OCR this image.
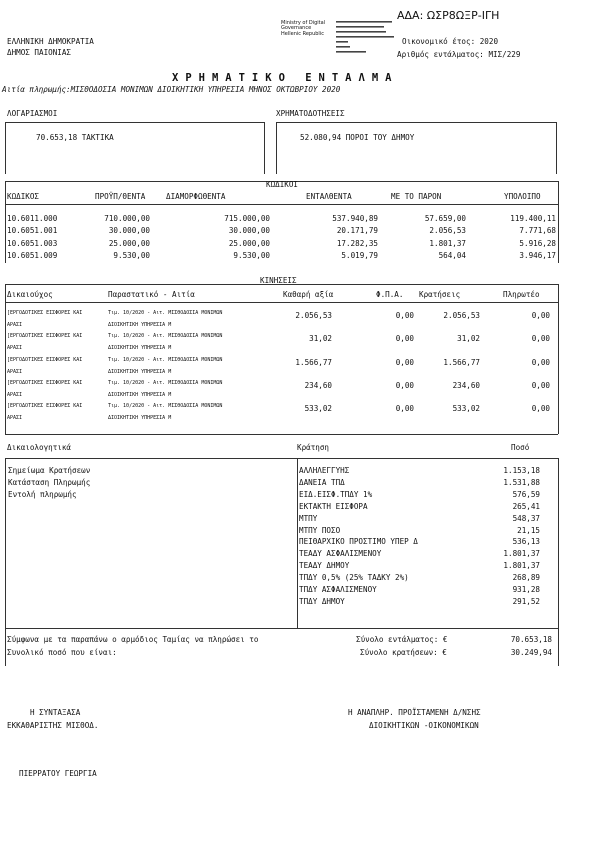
ΑΔΑ: ΩΣΡ8ΩΞΡ-ΙΓΗ
ΕΛΛΗΝΙΚΗ ΔΗΜΟΚΡΑΤΙΑ
ΔΗΜΟΣ ΠΑΙΟΝΙΑΣ
Ministry of Digital
Governance
Hellenic Republic
Οικονομικό έτος: 2020
Αριθμός εντάλματος: ΜΙΣ/229
ΧΡΗΜΑΤΙΚΟ ΕΝΤΑΛΜΑ
Αιτία πληρωμής:ΜΙΣΘΟΔΟΣΙΑ ΜΟΝΙΜΩΝ ΔΙΟΙΚΗΤΙΚΗ ΥΠΗΡΕΣΙΑ ΜΗΝΟΣ ΟΚΤΩΒΡΙΟΥ 2020
ΛΟΓΑΡΙΑΣΜΟΙ	ΧΡΗΜΑΤΟΔΟΤΗΣΕΙΣ
70.653,18 ΤΑΚΤΙΚΑ	52.080,94 ΠΟΡΟΙ ΤΟΥ ΔΗΜΟΥ
ΚΩΔΙΚΟΙ
ΚΩΔΙΚΟΣ	ΠΡΟΫΠ/ΘΕΝΤΑ	ΔΙΑΜΟΡΦΩΘΕΝΤΑ	ΕΝΤΑΛΘΕΝΤΑ	ΜΕ ΤΟ ΠΑΡΟΝ	ΥΠΟΛΟΙΠΟ
10.6011.000	710.000,00	715.000,00	537.940,89	57.659,00	119.400,11
10.6051.001	30.000,00	30.000,00	20.171,79	2.056,53	7.771,68
10.6051.003	25.000,00	25.000,00	17.282,35	1.801,37	5.916,28
10.6051.009	9.530,00	9.530,00	5.019,79	564,04	3.946,17
ΚΙΝΗΣΕΙΣ
Δικαιούχος	Παραστατικό - Αιτία	Καθαρή αξία	Φ.Π.Α. Κρατήσεις	Πληρωτέο
[ΕΡΓΟΔΟΤΙΚΕΣ ΕΙΣΦΟΡΕΣ ΚΑΙ
ΑΡΑΣΙ
Τιμ. 10/2020 - Αιτ. ΜΙΣΘΟΔΟΣΙΑ ΜΟΝΙΜΩΝ
ΔΙΟΙΚΗΤΙΚΗ ΥΠΗΡΕΣΙΑ Μ
2.056,53	0,00	2.056,53	0,00
[ΕΡΓΟΔΟΤΙΚΕΣ ΕΙΣΦΟΡΕΣ ΚΑΙ
ΑΡΑΣΙ
Τιμ. 10/2020 - Αιτ. ΜΙΣΘΟΔΟΣΙΑ ΜΟΝΙΜΩΝ
ΔΙΟΙΚΗΤΙΚΗ ΥΠΗΡΕΣΙΑ Μ
31,02	0,00	31,02	0,00
[ΕΡΓΟΔΟΤΙΚΕΣ ΕΙΣΦΟΡΕΣ ΚΑΙ
ΑΡΑΣΙ
Τιμ. 10/2020 - Αιτ. ΜΙΣΘΟΔΟΣΙΑ ΜΟΝΙΜΩΝ
ΔΙΟΙΚΗΤΙΚΗ ΥΠΗΡΕΣΙΑ Μ
1.566,77	0,00	1.566,77	0,00
[ΕΡΓΟΔΟΤΙΚΕΣ ΕΙΣΦΟΡΕΣ ΚΑΙ
ΑΡΑΣΙ
Τιμ. 10/2020 - Αιτ. ΜΙΣΘΟΔΟΣΙΑ ΜΟΝΙΜΩΝ
ΔΙΟΙΚΗΤΙΚΗ ΥΠΗΡΕΣΙΑ Μ
234,60	0,00	234,60	0,00
[ΕΡΓΟΔΟΤΙΚΕΣ ΕΙΣΦΟΡΕΣ ΚΑΙ
ΑΡΑΣΙ
Τιμ. 10/2020 - Αιτ. ΜΙΣΘΟΔΟΣΙΑ ΜΟΝΙΜΩΝ
ΔΙΟΙΚΗΤΙΚΗ ΥΠΗΡΕΣΙΑ Μ
533,02	0,00	533,02	0,00
Δικαιολογητικά	Κράτηση	Ποσό
Σημείωμα Κρατήσεων
Κατάσταση Πληρωμής
Εντολή πληρωμής
ΑΛΛΗΛΕΓΓΥΗΣ	1.153,18
ΔΑΝΕΙΑ ΤΠΔ	1.531,88
ΕΙΔ.ΕΙΣΦ.ΤΠΔΥ 1%	576,59
ΕΚΤΑΚΤΗ ΕΙΣΦΟΡΑ	265,41
ΜΤΠΥ	548,37
ΜΤΠΥ ΠΟΣΟ	21,15
ΠΕΙΘΑΡΧΙΚΟ ΠΡΟΣΤΙΜΟ ΥΠΕΡ Δ	536,13
ΤΕΑΔΥ ΑΣΦΑΛΙΣΜΕΝΟΥ	1.801,37
ΤΕΑΔΥ ΔΗΜΟΥ	1.801,37
ΤΠΔΥ 0,5% (25% ΤΑΔΚΥ 2%)	268,89
ΤΠΔΥ ΑΣΦΑΛΙΣΜΕΝΟΥ	931,28
ΤΠΔΥ ΔΗΜΟΥ	291,52
Σύμφωνα με τα παραπάνω ο αρμόδιος Ταμίας να πληρώσει το
Συνολικό ποσό που είναι:
Σύνολο εντάλματος: €	70.653,18
Σύνολο κρατήσεων: €	30.249,94
Η ΣΥΝΤΑΞΑΣΑ
ΕΚΚΑΘΑΡΙΣΤΗΣ ΜΙΣΘΟΔ.
Η ΑΝΑΠΛΗΡ. ΠΡΟΪΣΤΑΜΕΝΗ Δ/ΝΣΗΣ
ΔΙΟΙΚΗΤΙΚΩΝ -ΟΙΚΟΝΟΜΙΚΩΝ
ΠΙΕΡΡΑΤΟΥ ΓΕΩΡΓΙΑ
